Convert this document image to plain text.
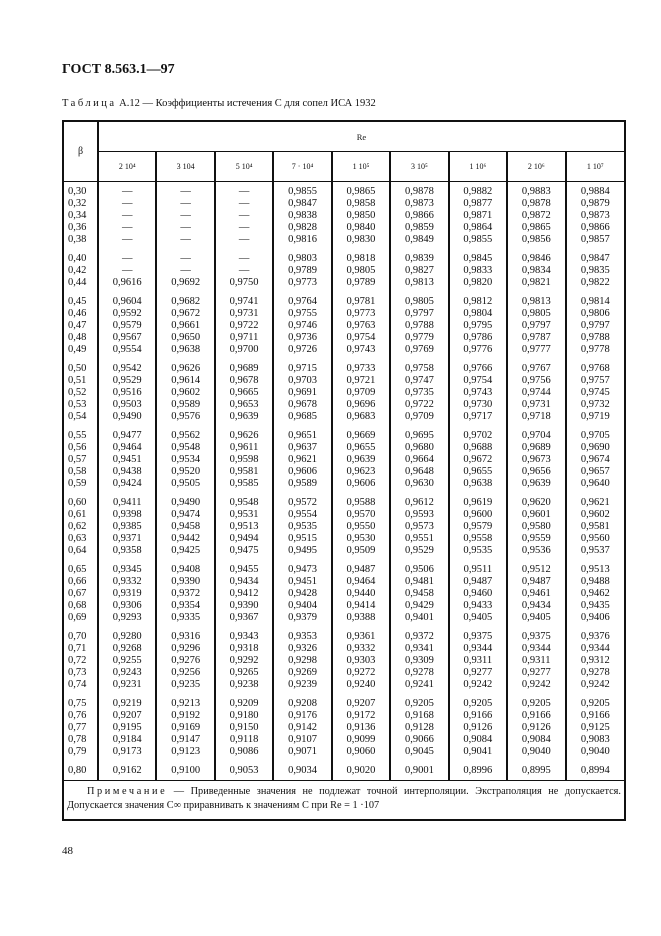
ГОСТ 8.563.1—97
Таблица А.12 — Коэффициенты истечения С для сопел ИСА 1932
β	Re								
	2 10⁴	3 104	5 10⁴	7 · 10⁴	1 10⁵	3 10⁵	1 10⁶	2 10⁶	1 10⁷
0,30	—	—	—	0,9855	0,9865	0,9878	0,9882	0,9883	0,9884
0,32	—	—	—	0,9847	0,9858	0,9873	0,9877	0,9878	0,9879
0,34	—	—	—	0,9838	0,9850	0,9866	0,9871	0,9872	0,9873
0,36	—	—	—	0,9828	0,9840	0,9859	0,9864	0,9865	0,9866
0,38	—	—	—	0,9816	0,9830	0,9849	0,9855	0,9856	0,9857

0,40	—	—	—	0,9803	0,9818	0,9839	0,9845	0,9846	0,9847
0,42	—	—	—	0,9789	0,9805	0,9827	0,9833	0,9834	0,9835
0,44	0,9616	0,9692	0,9750	0,9773	0,9789	0,9813	0,9820	0,9821	0,9822

0,45	0,9604	0,9682	0,9741	0,9764	0,9781	0,9805	0,9812	0,9813	0,9814
0,46	0,9592	0,9672	0,9731	0,9755	0,9773	0,9797	0,9804	0,9805	0,9806
0,47	0,9579	0,9661	0,9722	0,9746	0,9763	0,9788	0,9795	0,9797	0,9797
0,48	0,9567	0,9650	0,9711	0,9736	0,9754	0,9779	0,9786	0,9787	0,9788
0,49	0,9554	0,9638	0,9700	0,9726	0,9743	0,9769	0,9776	0,9777	0,9778

0,50	0,9542	0,9626	0,9689	0,9715	0,9733	0,9758	0,9766	0,9767	0,9768
0,51	0,9529	0,9614	0,9678	0,9703	0,9721	0,9747	0,9754	0,9756	0,9757
0,52	0,9516	0,9602	0,9665	0,9691	0,9709	0,9735	0,9743	0,9744	0,9745
0,53	0,9503	0,9589	0,9653	0,9678	0,9696	0,9722	0,9730	0,9731	0,9732
0,54	0,9490	0,9576	0,9639	0,9685	0,9683	0,9709	0,9717	0,9718	0,9719

0,55	0,9477	0,9562	0,9626	0,9651	0,9669	0,9695	0,9702	0,9704	0,9705
0,56	0,9464	0,9548	0,9611	0,9637	0,9655	0,9680	0,9688	0,9689	0,9690
0,57	0,9451	0,9534	0,9598	0,9621	0,9639	0,9664	0,9672	0,9673	0,9674
0,58	0,9438	0,9520	0,9581	0,9606	0,9623	0,9648	0,9655	0,9656	0,9657
0,59	0,9424	0,9505	0,9585	0,9589	0,9606	0,9630	0,9638	0,9639	0,9640

0,60	0,9411	0,9490	0,9548	0,9572	0,9588	0,9612	0,9619	0,9620	0,9621
0,61	0,9398	0,9474	0,9531	0,9554	0,9570	0,9593	0,9600	0,9601	0,9602
0,62	0,9385	0,9458	0,9513	0,9535	0,9550	0,9573	0,9579	0,9580	0,9581
0,63	0,9371	0,9442	0,9494	0,9515	0,9530	0,9551	0,9558	0,9559	0,9560
0,64	0,9358	0,9425	0,9475	0,9495	0,9509	0,9529	0,9535	0,9536	0,9537

0,65	0,9345	0,9408	0,9455	0,9473	0,9487	0,9506	0,9511	0,9512	0,9513
0,66	0,9332	0,9390	0,9434	0,9451	0,9464	0,9481	0,9487	0,9487	0,9488
0,67	0,9319	0,9372	0,9412	0,9428	0,9440	0,9458	0,9460	0,9461	0,9462
0,68	0,9306	0,9354	0,9390	0,9404	0,9414	0,9429	0,9433	0,9434	0,9435
0,69	0,9293	0,9335	0,9367	0,9379	0,9388	0,9401	0,9405	0,9405	0,9406

0,70	0,9280	0,9316	0,9343	0,9353	0,9361	0,9372	0,9375	0,9375	0,9376
0,71	0,9268	0,9296	0,9318	0,9326	0,9332	0,9341	0,9344	0,9344	0,9344
0,72	0,9255	0,9276	0,9292	0,9298	0,9303	0,9309	0,9311	0,9311	0,9312
0,73	0,9243	0,9256	0,9265	0,9269	0,9272	0,9278	0,9277	0,9277	0,9278
0,74	0,9231	0,9235	0,9238	0,9239	0,9240	0,9241	0,9242	0,9242	0,9242

0,75	0,9219	0,9213	0,9209	0,9208	0,9207	0,9205	0,9205	0,9205	0,9205
0,76	0,9207	0,9192	0,9180	0,9176	0,9172	0,9168	0,9166	0,9166	0,9166
0,77	0,9195	0,9169	0,9150	0,9142	0,9136	0,9128	0,9126	0,9126	0,9125
0,78	0,9184	0,9147	0,9118	0,9107	0,9099	0,9066	0,9084	0,9084	0,9083
0,79	0,9173	0,9123	0,9086	0,9071	0,9060	0,9045	0,9041	0,9040	0,9040

0,80	0,9162	0,9100	0,9053	0,9034	0,9020	0,9001	0,8996	0,8995	0,8994
Примечание — Приведенные значения не подлежат точной интерполяции. Экстраполяция не допускается. Допускается значения C∞ приравнивать к значениям C при Re = 1 ·107
48
